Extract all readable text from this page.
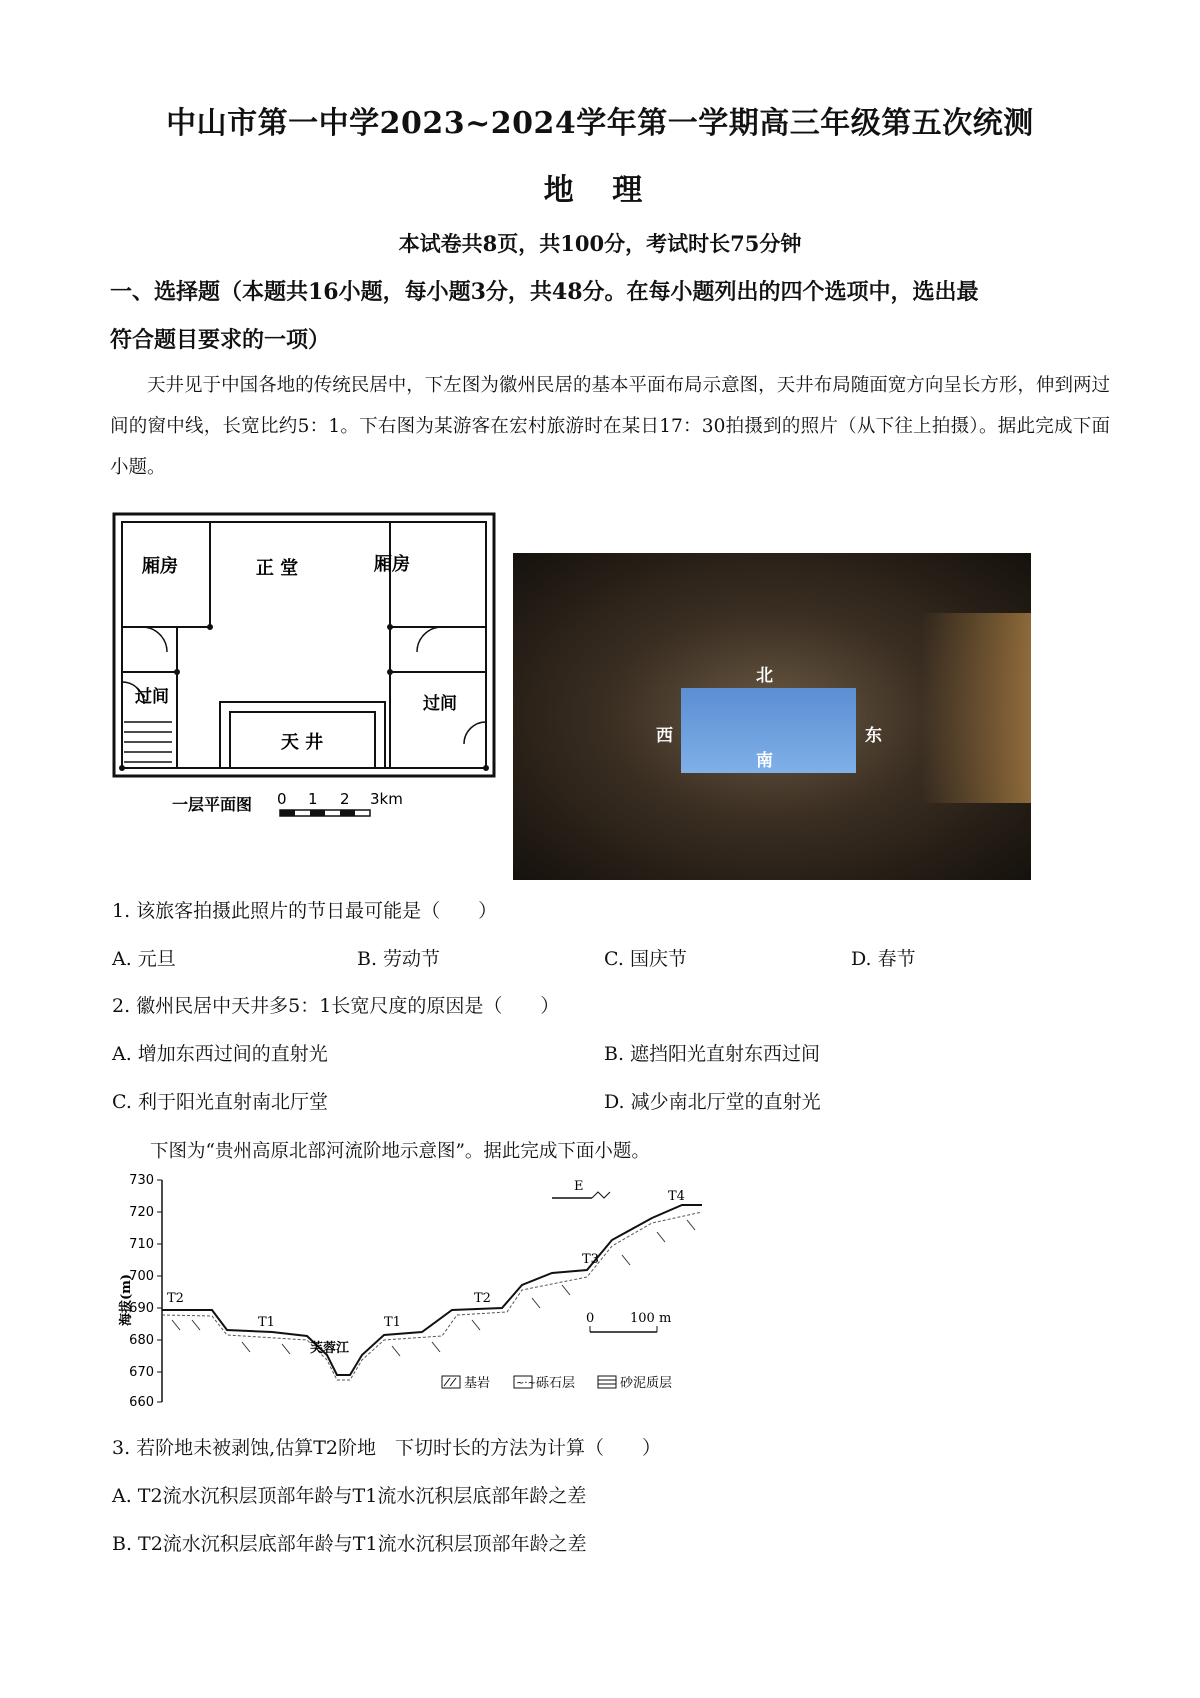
中山市第一中学2023~2024学年第一学期高三年级第五次统测
地 理
本试卷共8页，共100分，考试时长75分钟
一、选择题（本题共16小题，每小题3分，共48分。在每小题列出的四个选项中，选出最
符合题目要求的一项）
天井见于中国各地的传统民居中，下左图为徽州民居的基本平面布局示意图，天井布局随面宽方向呈长方形，伸到两过间的窗中线，长宽比约5：1。下右图为某游客在宏村旅游时在某日17：30拍摄到的照片（从下往上拍摄）。据此完成下面小题。
厢房	正 堂	厢房
过间	过间
天 井
一层平面图 0 1 2 3km
北
西	东
南
1. 该旅客拍摄此照片的节日最可能是（　　）
A. 元旦	B. 劳动节	C. 国庆节	D. 春节
2. 徽州民居中天井多5：1长宽尺度的原因是（　　）
A. 增加东西过间的直射光	B. 遮挡阳光直射东西过间
C. 利于阳光直射南北厅堂	D. 减少南北厅堂的直射光
下图为“贵州高原北部河流阶地示意图”。据此完成下面小题。
730
720
710
700
690
680
670
660
海拔(m)	T2
T1
芙蓉江
T1
T2
T3
T4
E
0	100 m
基岩	~·~ 砾石层	砂泥质层
3. 若阶地未被剥蚀,估算T2阶地　下切时长的方法为计算（　　）
A. T2流水沉积层顶部年龄与T1流水沉积层底部年龄之差
B. T2流水沉积层底部年龄与T1流水沉积层顶部年龄之差
